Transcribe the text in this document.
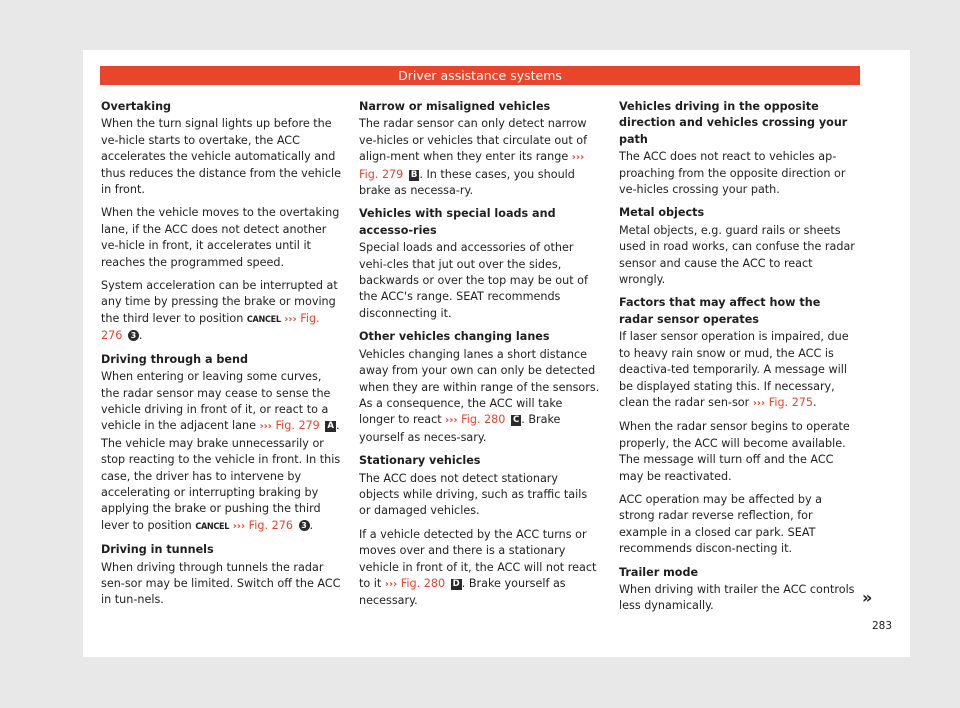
Driver assistance systems

Overtaking

When the turn signal lights up before the ve-hicle starts to overtake, the ACC accelerates the vehicle automatically and thus reduces the distance from the vehicle in front.

When the vehicle moves to the overtaking lane, if the ACC does not detect another ve-hicle in front, it accelerates until it reaches the programmed speed.

System acceleration can be interrupted at any time by pressing the brake or moving the third lever to position CANCEL ››› Fig. 276 3 .

Driving through a bend

When entering or leaving some curves, the radar sensor may cease to sense the vehicle driving in front of it, or react to a vehicle in the adjacent lane ››› Fig. 279 A . The vehicle may brake unnecessarily or stop reacting to the vehicle in front. In this case, the driver has to intervene by accelerating or interrupting braking by applying the brake or pushing the third lever to position CANCEL ››› Fig. 276 3 .

Driving in tunnels

When driving through tunnels the radar sen-sor may be limited. Switch off the ACC in tun-nels.

Narrow or misaligned vehicles

The radar sensor can only detect narrow ve-hicles or vehicles that circulate out of align-ment when they enter its range ››› Fig. 279 B . In these cases, you should brake as necessa-ry.

Vehicles with special loads and accesso-ries

Special loads and accessories of other vehi-cles that jut out over the sides, backwards or over the top may be out of the ACC's range. SEAT recommends disconnecting it.

Other vehicles changing lanes

Vehicles changing lanes a short distance away from your own can only be detected when they are within range of the sensors. As a consequence, the ACC will take longer to react ››› Fig. 280 C . Brake yourself as neces-sary.

Stationary vehicles

The ACC does not detect stationary objects while driving, such as traffic tails or damaged vehicles.

If a vehicle detected by the ACC turns or moves over and there is a stationary vehicle in front of it, the ACC will not react to it ››› Fig. 280 D . Brake yourself as necessary.

Vehicles driving in the opposite direction and vehicles crossing your path

The ACC does not react to vehicles ap-proaching from the opposite direction or ve-hicles crossing your path.

Metal objects

Metal objects, e.g. guard rails or sheets used in road works, can confuse the radar sensor and cause the ACC to react wrongly.

Factors that may affect how the radar sensor operates

If laser sensor operation is impaired, due to heavy rain snow or mud, the ACC is deactiva-ted temporarily. A message will be displayed stating this. If necessary, clean the radar sen-sor ››› Fig. 275.

When the radar sensor begins to operate properly, the ACC will become available. The message will turn off and the ACC may be reactivated.

ACC operation may be affected by a strong radar reverse reflection, for example in a closed car park. SEAT recommends discon-necting it.

Trailer mode

When driving with trailer the ACC controls less dynamically.	»
283
